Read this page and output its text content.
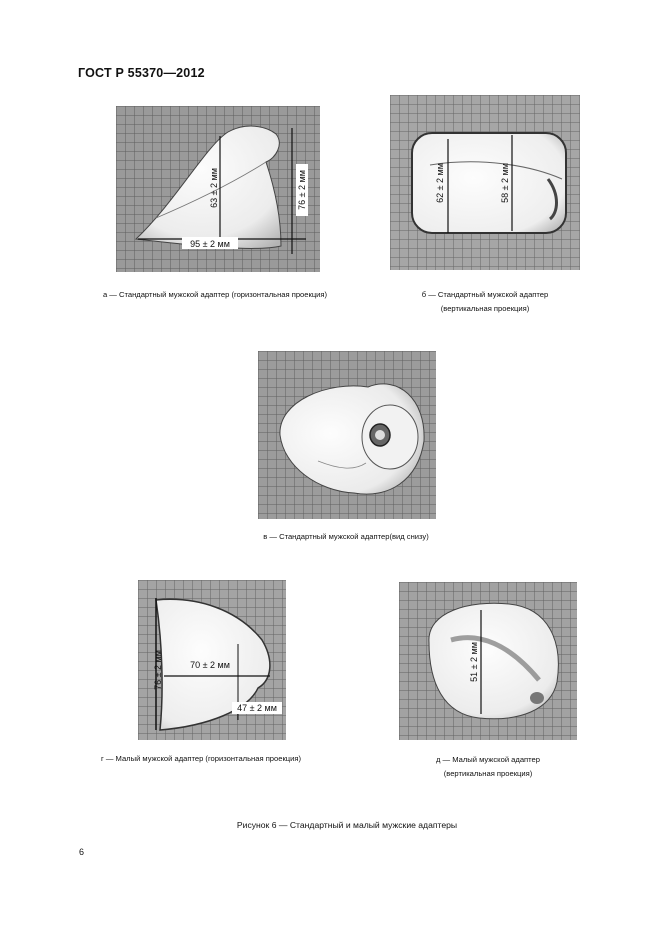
ГОСТ Р 55370—2012
95 ± 2 мм
63 ± 2 мм	76 ± 2 мм
а — Стандартный мужской адаптер (горизонтальная проекция)
62 ± 2 мм	58 ± 2 мм
б — Стандартный мужской адаптер
(вертикальная проекция)
в — Стандартный мужской адаптер(вид снизу)
76 ± 2 мм	70 ± 2 мм
47 ± 2 мм
г — Малый мужской адаптер (горизонтальная проекция)
51 ± 2 мм
д — Малый мужской адаптер
(вертикальная проекция)
Рисунок 6 — Стандартный и малый мужские адаптеры
6
